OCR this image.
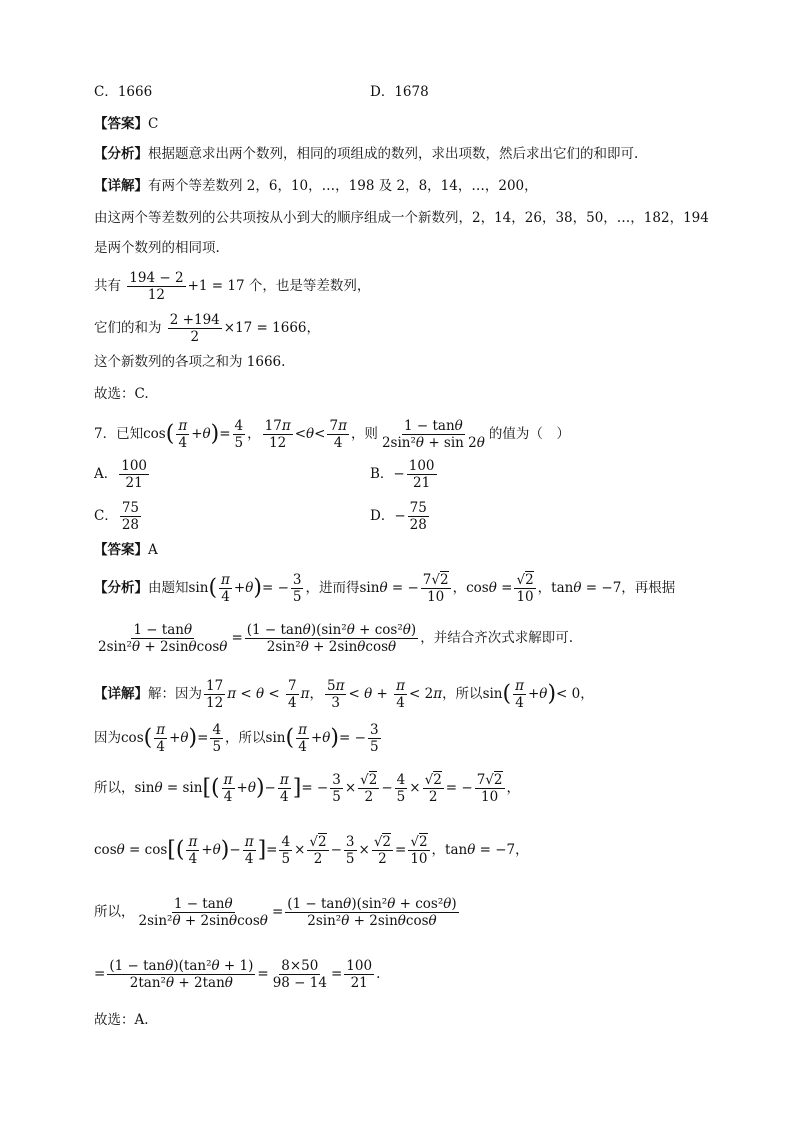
C．1666	D．1678
【答案】C
【分析】根据题意求出两个数列，相同的项组成的数列，求出项数，然后求出它们的和即可.
【详解】有两个等差数列 2，6，10，…，198 及 2，8，14，…，200，
由这两个等差数列的公共项按从小到大的顺序组成一个新数列，2，14，26，38，50，…，182，194
是两个数列的相同项.
共有 $\frac{194 - 2}{12} +1 = 17$ 个，也是等差数列，
它们的和为 $\frac{2 +194}{2} \times 17 = 1666$，
这个新数列的各项之和为 1666.
故选：C.
7．已知$\cos( \frac{\pi}{4} +\theta)= \frac{4}{5}$ ， $\frac{17\pi}{12} <\theta< \frac{7\pi}{4}$ ，则 $\frac{1 - \tan\theta}{\text{2sin²θ + sin 2θ}}$ 的值为（　）
A． $\frac{100}{21}$	B．− $\frac{100}{21}$
C． $\frac{75}{28}$	D．− $\frac{75}{28}$
【答案】A
【分析】由题知$\sin( \frac{\pi}{4} +\theta)= - \frac{3}{5}$ ，进而得sinθ = − $\frac{7√2}{10}$ ，$\cos\theta = \frac{√2}{10}$ ，tanθ = −7，再根据
$\frac{1 - \tan\theta}{\text{2sin²θ + 2sinθcosθ}} = \frac{\text{(1 − tanθ)(sin²θ + cos²θ)}}{\text{2sin²θ + 2sinθcosθ}}$ ，并结合齐次式求解即可.
【详解】解：因为 $\frac{17}{12}$ $\pi < \theta < \frac{7}{4}$ π， $\frac{5\pi}{3} < \theta + \frac{\pi}{4} < 2\pi$，所以$\sin( \frac{\pi}{4} +\theta)< 0$，
因为$\cos( \frac{\pi}{4} +\theta)= \frac{4}{5}$ ，所以$\sin( \frac{\pi}{4} +\theta)= - \frac{3}{5}$
所以，$\sin\theta = \sin[( \frac{\pi}{4} +\theta)- \frac{\pi}{4}$ ]= − $\frac{3}{5} \times \frac{√2}{2} - \frac{4}{5} \times \frac{√2}{2}$ = − $\frac{7√2}{10}$ ，
$\cos\theta = \cos[( \frac{\pi}{4} +\theta)- \frac{\pi}{4}$ ]= $\frac{4}{5} \times \frac{√2}{2} - \frac{3}{5} \times \frac{√2}{2} = \frac{√2}{10}$ ，tanθ = −7，
所以， $\frac{1 - \tan\theta}{\text{2sin²θ + 2sinθcosθ}} = \frac{\text{(1 − tanθ)(sin²θ + cos²θ)}}{\text{2sin²θ + 2sinθcosθ}}$
= $\frac{\text{(1 − tanθ)(tan²θ + 1)}}{\text{2tan²θ + 2tanθ}} = \frac{8\times 50}{98 - 14} = \frac{100}{21}$ .
故选：A.
